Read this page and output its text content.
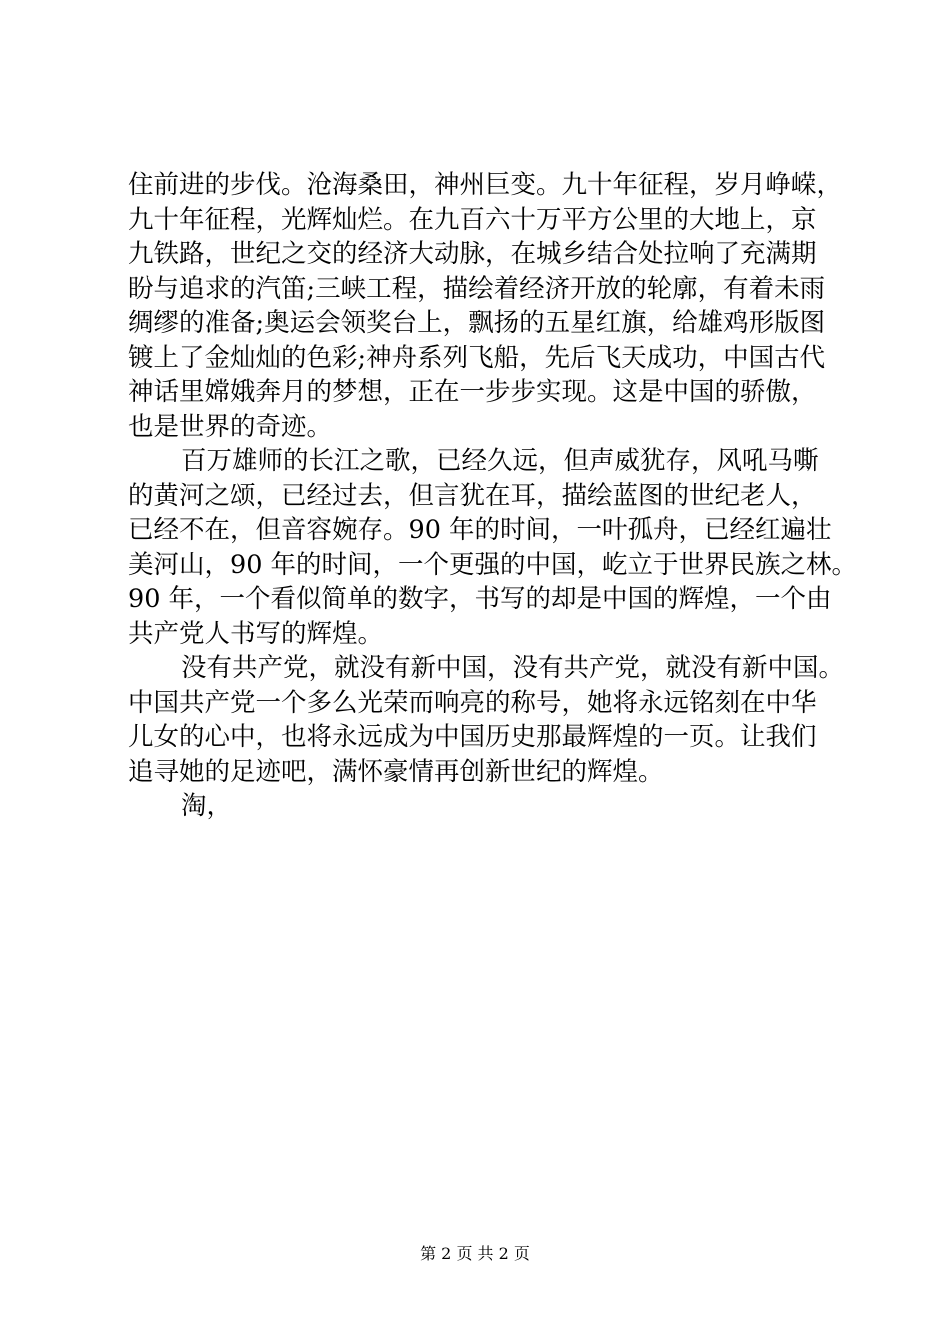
住前进的步伐。沧海桑田，神州巨变。九十年征程，岁月峥嵘，
九十年征程，光辉灿烂。在九百六十万平方公里的大地上，京
九铁路，世纪之交的经济大动脉，在城乡结合处拉响了充满期
盼与追求的汽笛;三峡工程，描绘着经济开放的轮廓，有着未雨
绸缪的准备;奥运会领奖台上，飘扬的五星红旗，给雄鸡形版图
镀上了金灿灿的色彩;神舟系列飞船，先后飞天成功，中国古代
神话里嫦娥奔月的梦想，正在一步步实现。这是中国的骄傲，
也是世界的奇迹。
百万雄师的长江之歌，已经久远，但声威犹存，风吼马嘶
的黄河之颂，已经过去，但言犹在耳，描绘蓝图的世纪老人，
已经不在，但音容婉存。90 年的时间，一叶孤舟，已经红遍壮
美河山，90 年的时间，一个更强的中国，屹立于世界民族之林。
90 年，一个看似简单的数字，书写的却是中国的辉煌，一个由
共产党人书写的辉煌。
没有共产党，就没有新中国，没有共产党，就没有新中国。
中国共产党一个多么光荣而响亮的称号，她将永远铭刻在中华
儿女的心中，也将永远成为中国历史那最辉煌的一页。让我们
追寻她的足迹吧，满怀豪情再创新世纪的辉煌。
淘，
第 2 页 共 2 页
